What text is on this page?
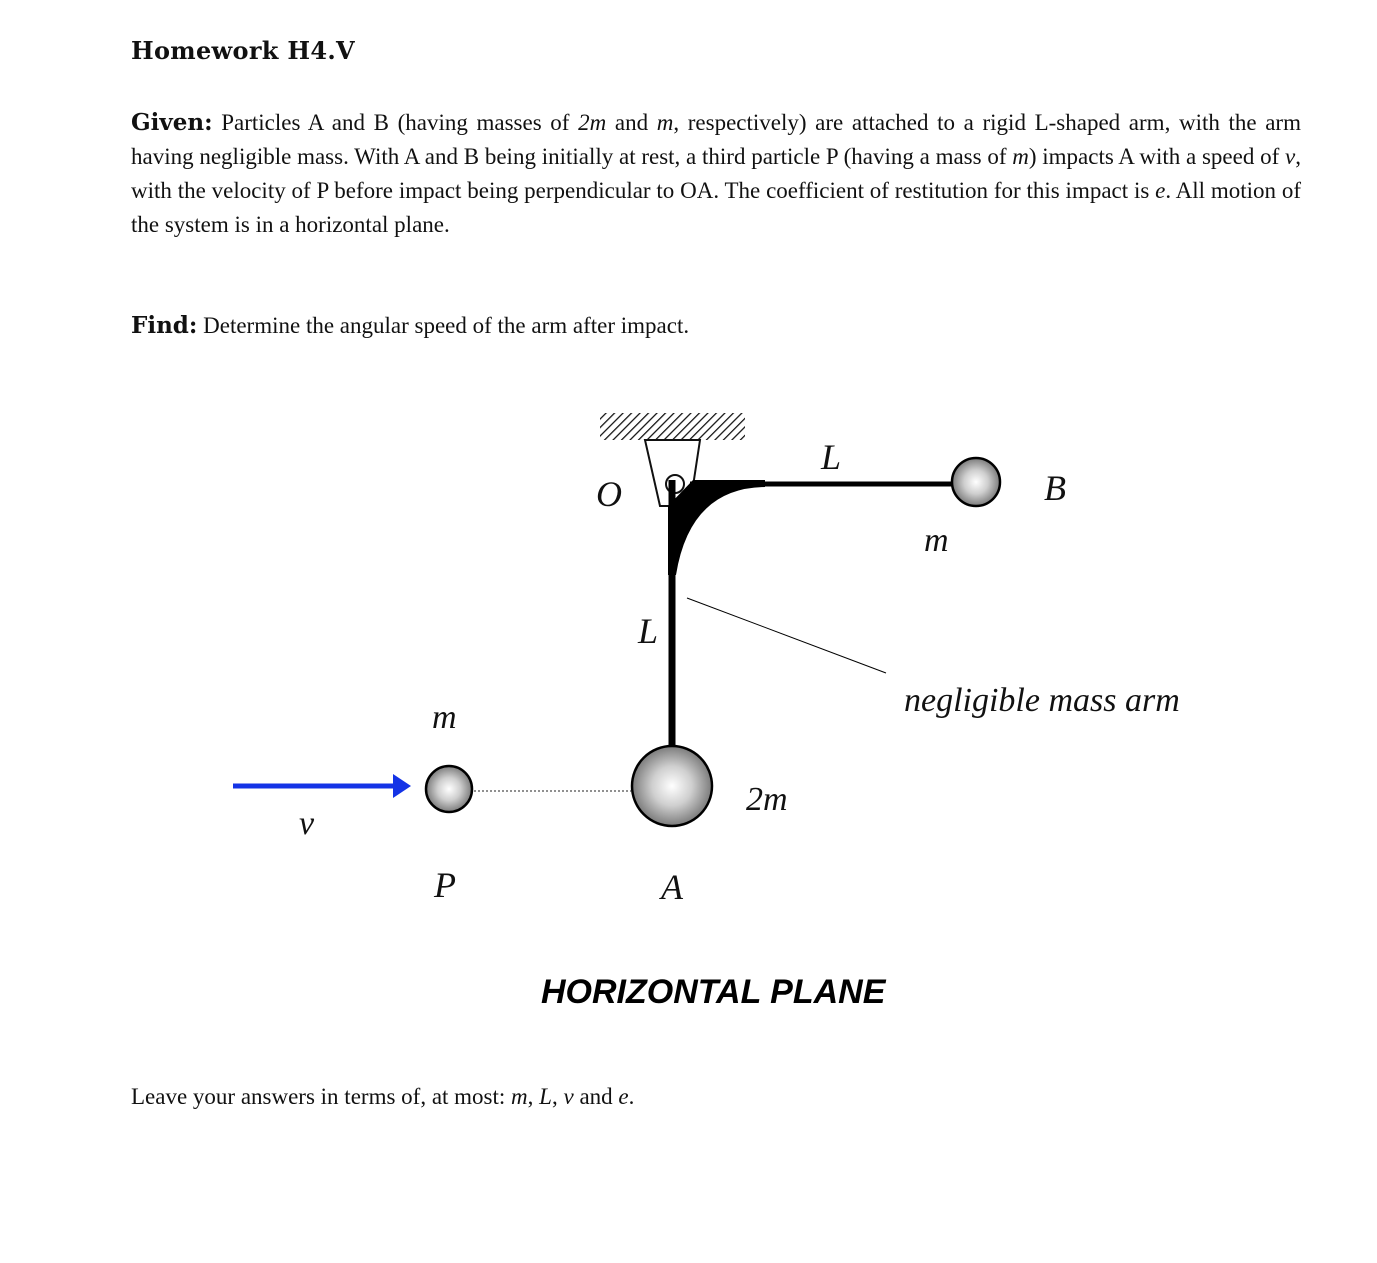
Homework H4.V
Given: Particles A and B (having masses of 2m and m, respectively) are attached to a rigid L-shaped arm, with the arm having negligible mass. With A and B being initially at rest, a third particle P (having a mass of m) impacts A with a speed of v, with the velocity of P before impact being perpendicular to OA. The coefficient of restitution for this impact is e. All motion of the system is in a horizontal plane.
Find: Determine the angular speed of the arm after impact.
O
L
B
m
L
negligible mass arm
m
2m
v
P	A
HORIZONTAL PLANE
Leave your answers in terms of, at most: m, L, v and e.
